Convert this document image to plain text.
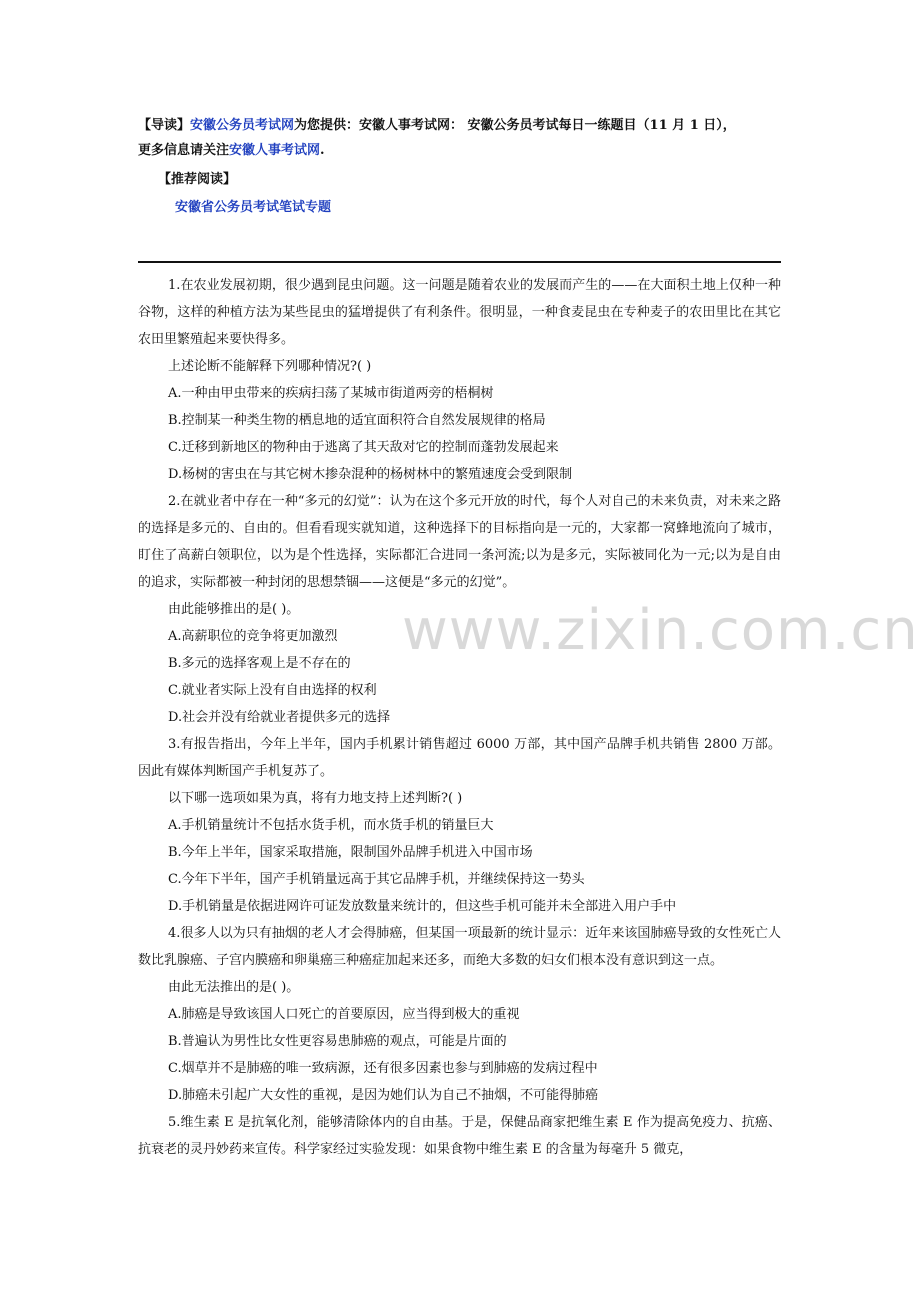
【导读】安徽公务员考试网为您提供：安徽人事考试网： 安徽公务员考试每日一练题目（11 月 1 日），

更多信息请关注安徽人事考试网.

【推荐阅读】
安徽省公务员考试笔试专题

1.在农业发展初期，很少遇到昆虫问题。这一问题是随着农业的发展而产生的——在大面积土地上仅种一种谷物，这样的种植方法为某些昆虫的猛增提供了有利条件。很明显，一种食麦昆虫在专种麦子的农田里比在其它农田里繁殖起来要快得多。

上述论断不能解释下列哪种情况?( )

A.一种由甲虫带来的疾病扫荡了某城市街道两旁的梧桐树

B.控制某一种类生物的栖息地的适宜面积符合自然发展规律的格局

C.迁移到新地区的物种由于逃离了其天敌对它的控制而蓬勃发展起来

D.杨树的害虫在与其它树木掺杂混种的杨树林中的繁殖速度会受到限制

2.在就业者中存在一种“多元的幻觉”：认为在这个多元开放的时代，每个人对自己的未来负责，对未来之路的选择是多元的、自由的。但看看现实就知道，这种选择下的目标指向是一元的，大家都一窝蜂地流向了城市，盯住了高薪白领职位，以为是个性选择，实际都汇合进同一条河流;以为是多元，实际被同化为一元;以为是自由的追求，实际都被一种封闭的思想禁锢——这便是“多元的幻觉”。

由此能够推出的是( )。

A.高薪职位的竞争将更加激烈

B.多元的选择客观上是不存在的

C.就业者实际上没有自由选择的权利

D.社会并没有给就业者提供多元的选择

3.有报告指出，今年上半年，国内手机累计销售超过 6000 万部，其中国产品牌手机共销售 2800 万部。因此有媒体判断国产手机复苏了。

以下哪一选项如果为真，将有力地支持上述判断?( )

A.手机销量统计不包括水货手机，而水货手机的销量巨大

B.今年上半年，国家采取措施，限制国外品牌手机进入中国市场

C.今年下半年，国产手机销量远高于其它品牌手机，并继续保持这一势头

D.手机销量是依据进网许可证发放数量来统计的，但这些手机可能并未全部进入用户手中

4.很多人以为只有抽烟的老人才会得肺癌，但某国一项最新的统计显示：近年来该国肺癌导致的女性死亡人数比乳腺癌、子宫内膜癌和卵巢癌三种癌症加起来还多，而绝大多数的妇女们根本没有意识到这一点。

由此无法推出的是( )。

A.肺癌是导致该国人口死亡的首要原因，应当得到极大的重视

B.普遍认为男性比女性更容易患肺癌的观点，可能是片面的

C.烟草并不是肺癌的唯一致病源，还有很多因素也参与到肺癌的发病过程中

D.肺癌未引起广大女性的重视，是因为她们认为自己不抽烟，不可能得肺癌

5.维生素 E 是抗氧化剂，能够清除体内的自由基。于是，保健品商家把维生素 E 作为提高免疫力、抗癌、抗衰老的灵丹妙药来宣传。科学家经过实验发现：如果食物中维生素 E 的含量为每毫升 5 微克，

www.zixin.com.cn
